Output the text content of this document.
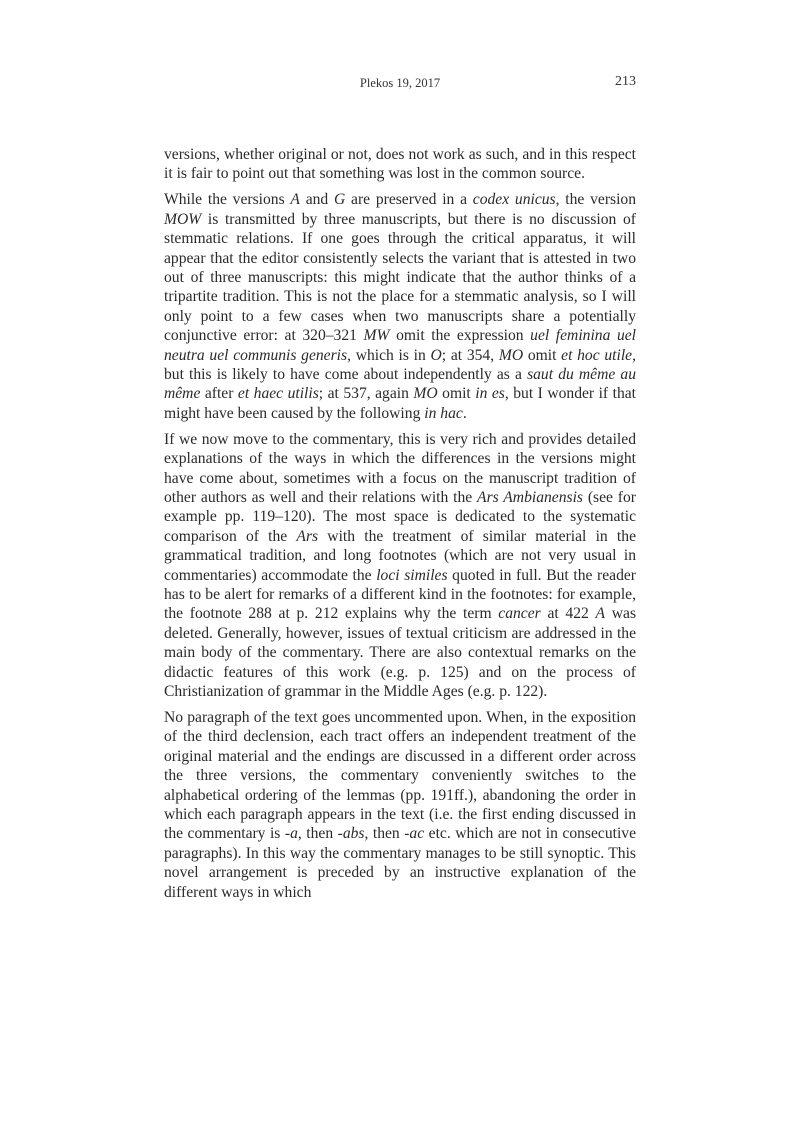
Plekos 19, 2017	213

versions, whether original or not, does not work as such, and in this respect it is fair to point out that something was lost in the common source.

While the versions A and G are preserved in a codex unicus, the version MOW is transmitted by three manuscripts, but there is no discussion of stemmatic relations. If one goes through the critical apparatus, it will appear that the editor consistently selects the variant that is attested in two out of three manuscripts: this might indicate that the author thinks of a tripartite tradition. This is not the place for a stemmatic analysis, so I will only point to a few cases when two manuscripts share a potentially conjunctive error: at 320–321 MW omit the expression uel feminina uel neutra uel communis generis, which is in O; at 354, MO omit et hoc utile, but this is likely to have come about independently as a saut du même au même after et haec utilis; at 537, again MO omit in es, but I wonder if that might have been caused by the following in hac.

If we now move to the commentary, this is very rich and provides detailed explanations of the ways in which the differences in the versions might have come about, sometimes with a focus on the manuscript tradition of other authors as well and their relations with the Ars Ambianensis (see for example pp. 119–120). The most space is dedicated to the systematic comparison of the Ars with the treatment of similar material in the grammatical tradition, and long footnotes (which are not very usual in commentaries) accommodate the loci similes quoted in full. But the reader has to be alert for remarks of a different kind in the footnotes: for example, the footnote 288 at p. 212 explains why the term cancer at 422 A was deleted. Generally, however, issues of textual criticism are addressed in the main body of the commentary. There are also contextual remarks on the didactic features of this work (e.g. p. 125) and on the process of Christianization of grammar in the Middle Ages (e.g. p. 122).

No paragraph of the text goes uncommented upon. When, in the exposition of the third declension, each tract offers an independent treatment of the original material and the endings are discussed in a different order across the three versions, the commentary conveniently switches to the alphabetical ordering of the lemmas (pp. 191ff.), abandoning the order in which each paragraph appears in the text (i.e. the first ending discussed in the commentary is -a, then -abs, then -ac etc. which are not in consecutive paragraphs). In this way the commentary manages to be still synoptic. This novel arrangement is preceded by an instructive explanation of the different ways in which
